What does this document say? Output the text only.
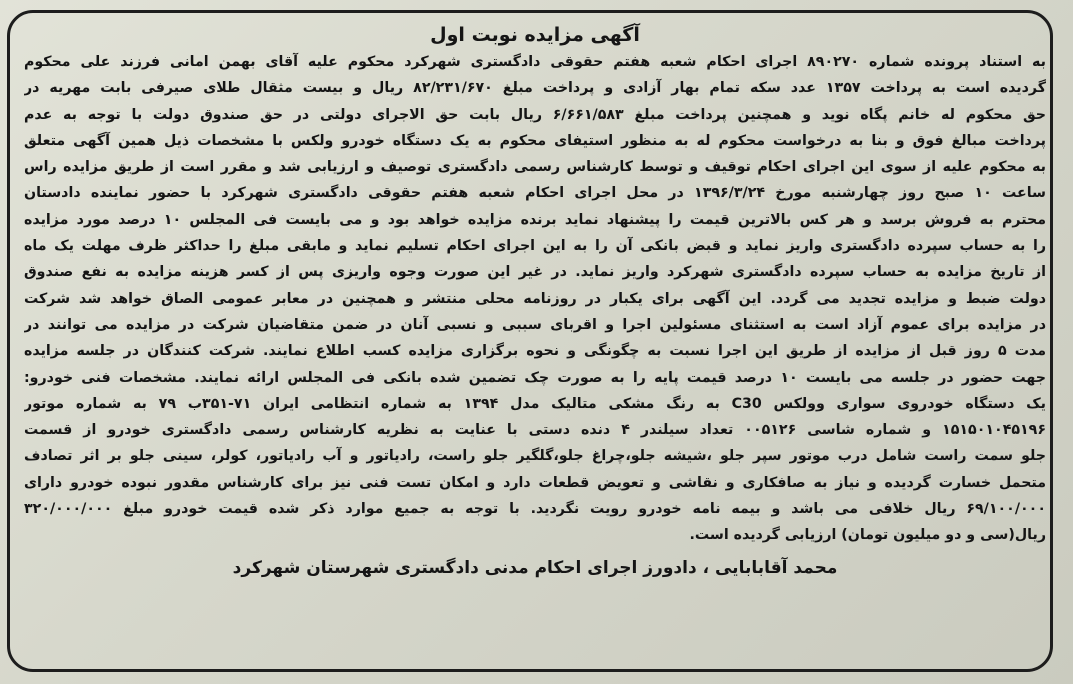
آگهی مزایده نوبت اول
به استناد پرونده شماره ۸۹۰۲۷۰ اجرای احکام شعبه هفتم حقوقی دادگستری شهرکرد محکوم علیه آقای بهمن امانی فرزند علی محکوم
گردیده است به پرداخت ۱۳۵۷ عدد سکه تمام بهار آزادی و پرداخت مبلغ ۸۲/۲۳۱/۶۷۰ ریال و بیست مثقال طلای صیرفی بابت مهریه در
حق محکوم له خانم پگاه نوید و همچنین پرداخت مبلغ ۶/۶۶۱/۵۸۳ ریال بابت حق الاجرای دولتی در حق صندوق دولت با توجه به عدم
پرداخت مبالغ فوق و بنا به درخواست محکوم له به منظور استیفای محکوم به یک دستگاه خودرو ولکس با مشخصات ذیل همین آگهی متعلق
به محکوم علیه از سوی این اجرای احکام توقیف و توسط کارشناس رسمی دادگستری توصیف و ارزیابی شد و مقرر است از طریق مزایده راس
ساعت ۱۰ صبح روز چهارشنبه مورخ ۱۳۹۶/۳/۲۴ در محل اجرای احکام شعبه هفتم حقوقی دادگستری شهرکرد با حضور نماینده دادستان
محترم به فروش برسد و هر کس بالاترین قیمت را پیشنهاد نماید برنده مزایده خواهد بود و می بایست فی المجلس ۱۰ درصد مورد مزایده
را به حساب سپرده دادگستری واریز نماید و قبض بانکی آن را به این اجرای احکام تسلیم نماید و مابقی مبلغ را حداکثر ظرف مهلت یک ماه
از تاریخ مزایده به حساب سپرده دادگستری شهرکرد واریز نماید. در غیر این صورت وجوه واریزی پس از کسر هزینه مزایده به نفع صندوق
دولت ضبط و مزایده تجدید می گردد. این آگهی برای یکبار در روزنامه محلی منتشر و همچنین در معابر عمومی الصاق خواهد شد شرکت
در مزایده برای عموم آزاد است به استثنای مسئولین اجرا و اقربای سببی و نسبی آنان در ضمن متقاضیان شرکت در مزایده می توانند در
مدت ۵ روز قبل از مزایده از طریق این اجرا نسبت به چگونگی و نحوه برگزاری مزایده کسب اطلاع نمایند. شرکت کنندگان در جلسه مزایده
جهت حضور در جلسه می بایست ۱۰ درصد قیمت پایه را به صورت چک تضمین شده بانکی فی المجلس ارائه نمایند. مشخصات فنی خودرو:
یک دستگاه خودروی سواری وولکس C30 به رنگ مشکی متالیک مدل ۱۳۹۴ به شماره انتظامی ایران ۷۱-۳۵۱ب ۷۹ به شماره موتور
۱۵۱۵۰۱۰۴۵۱۹۶ و شماره شاسی ۰۰۵۱۲۶ تعداد سیلندر ۴ دنده دستی با عنایت به نظریه کارشناس رسمی دادگستری خودرو از قسمت
جلو سمت راست شامل درب موتور سپر جلو ،شیشه جلو،چراغ جلو،گلگیر جلو راست، رادیاتور و آب رادیاتور، کولر، سینی جلو بر اثر تصادف
متحمل خسارت گردیده و نیاز به صافکاری و نقاشی و تعویض قطعات دارد و امکان تست فنی نیز برای کارشناس مقدور نبوده خودرو دارای
۶۹/۱۰۰/۰۰۰ ریال خلافی می باشد و بیمه نامه خودرو رویت نگردید. با توجه به جمیع موارد ذکر شده قیمت خودرو مبلغ ۳۲۰/۰۰۰/۰۰۰
ریال(سی و دو میلیون تومان) ارزیابی گردیده است.
محمد آقابابایی ، دادورز اجرای احکام مدنی دادگستری شهرستان شهرکرد
